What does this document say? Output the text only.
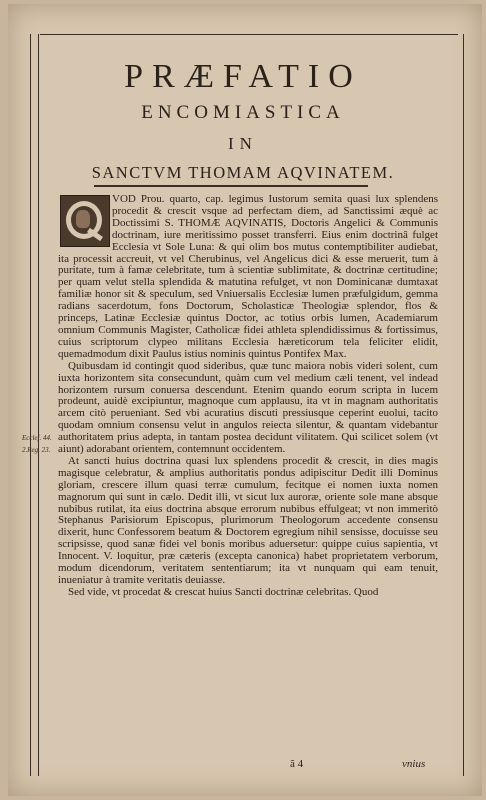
PRÆFATIO
ENCOMIASTICA
IN
SANCTVM THOMAM AQVINATEM.
Ecclef. 44.
2.Reg. 23.

VOD Prou. quarto, cap. legimus Iustorum semita quasi lux splendens procedit & crescit vsque ad perfectam diem, ad Sanctissimi æquè ac Doctissimi S. THOMÆ AQVINATIS, Doctoris Angelici & Communis doctrinam, iure meritissimo posset transferri. Eius enim doctrinâ fulget Ecclesia vt Sole Luna: & qui olim bos mutus contemptibiliter audiebat, ita processit accreuit, vt vel Cherubinus, vel Angelicus dici & esse meruerit, tum à puritate, tum à famæ celebritate, tum à scientiæ sublimitate, & doctrinæ certitudine; per quam velut stella splendida & matutina refulget, vt non Dominicanæ dumtaxat familiæ honor sit & speculum, sed Vniuersalis Ecclesiæ lumen præfulgidum, gemma radians sacerdotum, fons Doctorum, Scholasticæ Theologiæ splendor, flos & princeps, Latinæ Ecclesiæ quintus Doctor, ac totius orbis lumen, Academiarum omnium Communis Magister, Catholicæ fidei athleta splendidissimus & fortissimus, cuius scriptorum clypeo militans Ecclesia hæreticorum tela feliciter elidit, quemadmodum dixit Paulus istius nominis quintus Pontifex Max.

Quibusdam id contingit quod sideribus, quæ tunc maiora nobis videri solent, cum iuxta horizontem sita consecundunt, quàm cum vel medium cæli tenent, vel indead horizontem rursum conuersa descendunt. Etenim quando eorum scripta in lucem prodeunt, auidè excipiuntur, magnoque cum applausu, ita vt in magnam authoritatis arcem citò perueniant. Sed vbi acuratius discuti pressiusque ceperint euolui, tacito quodam omnium consensu velut in angulos reiecta silentur, & quantam videbantur authoritatem prius adepta, in tantam postea decidunt vilitatem. Qui scilicet solem (vt aiunt) adorabant orientem, contemnunt occidentem.

At sancti huius doctrina quasi lux splendens procedit & crescit, in dies magis magisque celebratur, & amplius authoritatis pondus adipiscitur Dedit illi Dominus gloriam, crescere illum quasi terræ cumulum, fecitque ei nomen iuxta nomen magnorum qui sunt in cælo. Dedit illi, vt sicut lux auroræ, oriente sole mane absque nubibus rutilat, ita eius doctrina absque errorum nubibus effulgeat; vt non immeritò Stephanus Parisiorum Episcopus, plurimorum Theologorum accedente consensu dixerit, hunc Confessorem beatum & Doctorem egregium nihil sensisse, docuisse seu scripsisse, quod sanæ fidei vel bonis moribus aduersetur: quippe cuius sapientia, vt Innocent. V. loquitur, præ cæteris (excepta canonica) habet proprietatem verborum, modum dicendorum, veritatem sententiarum; ita vt nunquam qui eam tenuit, inueniatur à tramite veritatis deuiasse.

Sed vide, vt procedat & crescat huius Sancti doctrinæ celebritas. Quod

ã 4	vnius
